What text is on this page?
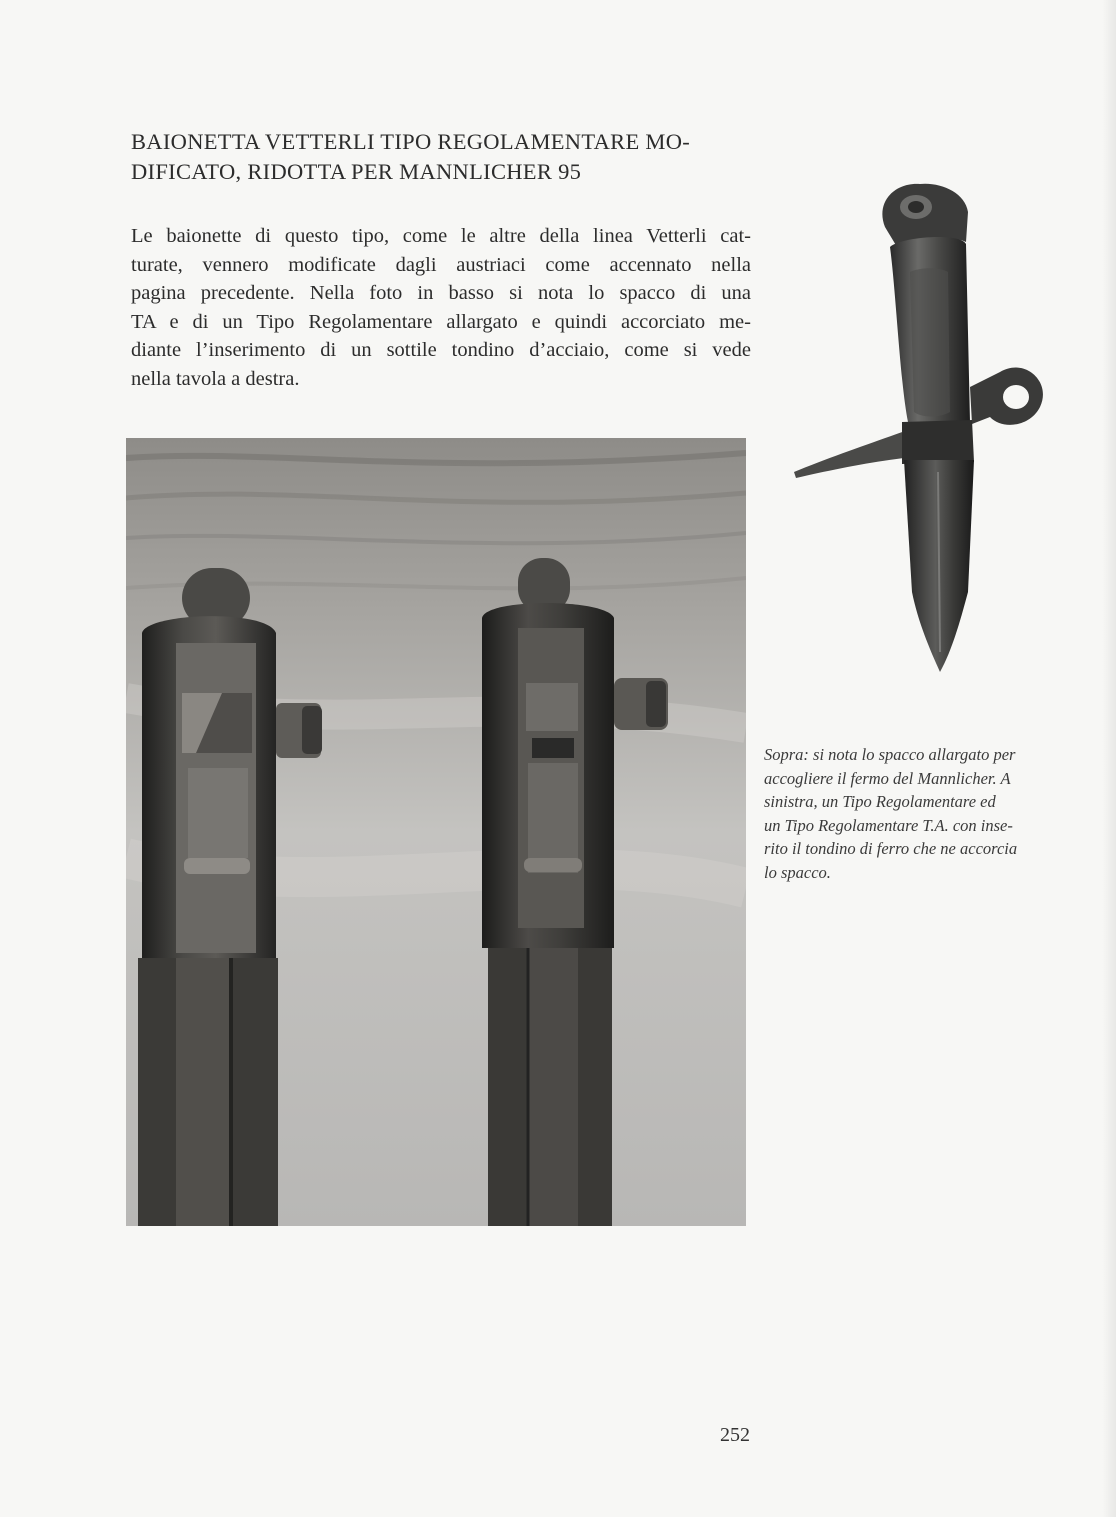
BAIONETTA VETTERLI TIPO REGOLAMENTARE MO-
DIFICATO, RIDOTTA PER MANNLICHER 95

Le baionette di questo tipo, come le altre della linea Vetterli cat-
turate, vennero modificate dagli austriaci come accennato nella
pagina precedente. Nella foto in basso si nota lo spacco di una
TA e di un Tipo Regolamentare allargato e quindi accorciato me-
diante l’inserimento di un sottile tondino d’acciaio, come si vede
nella tavola a destra.

Sopra: si nota lo spacco allargato per
accogliere il fermo del Mannlicher. A
sinistra, un Tipo Regolamentare ed
un Tipo Regolamentare T.A. con inse-
rito il tondino di ferro che ne accorcia
lo spacco.

252
